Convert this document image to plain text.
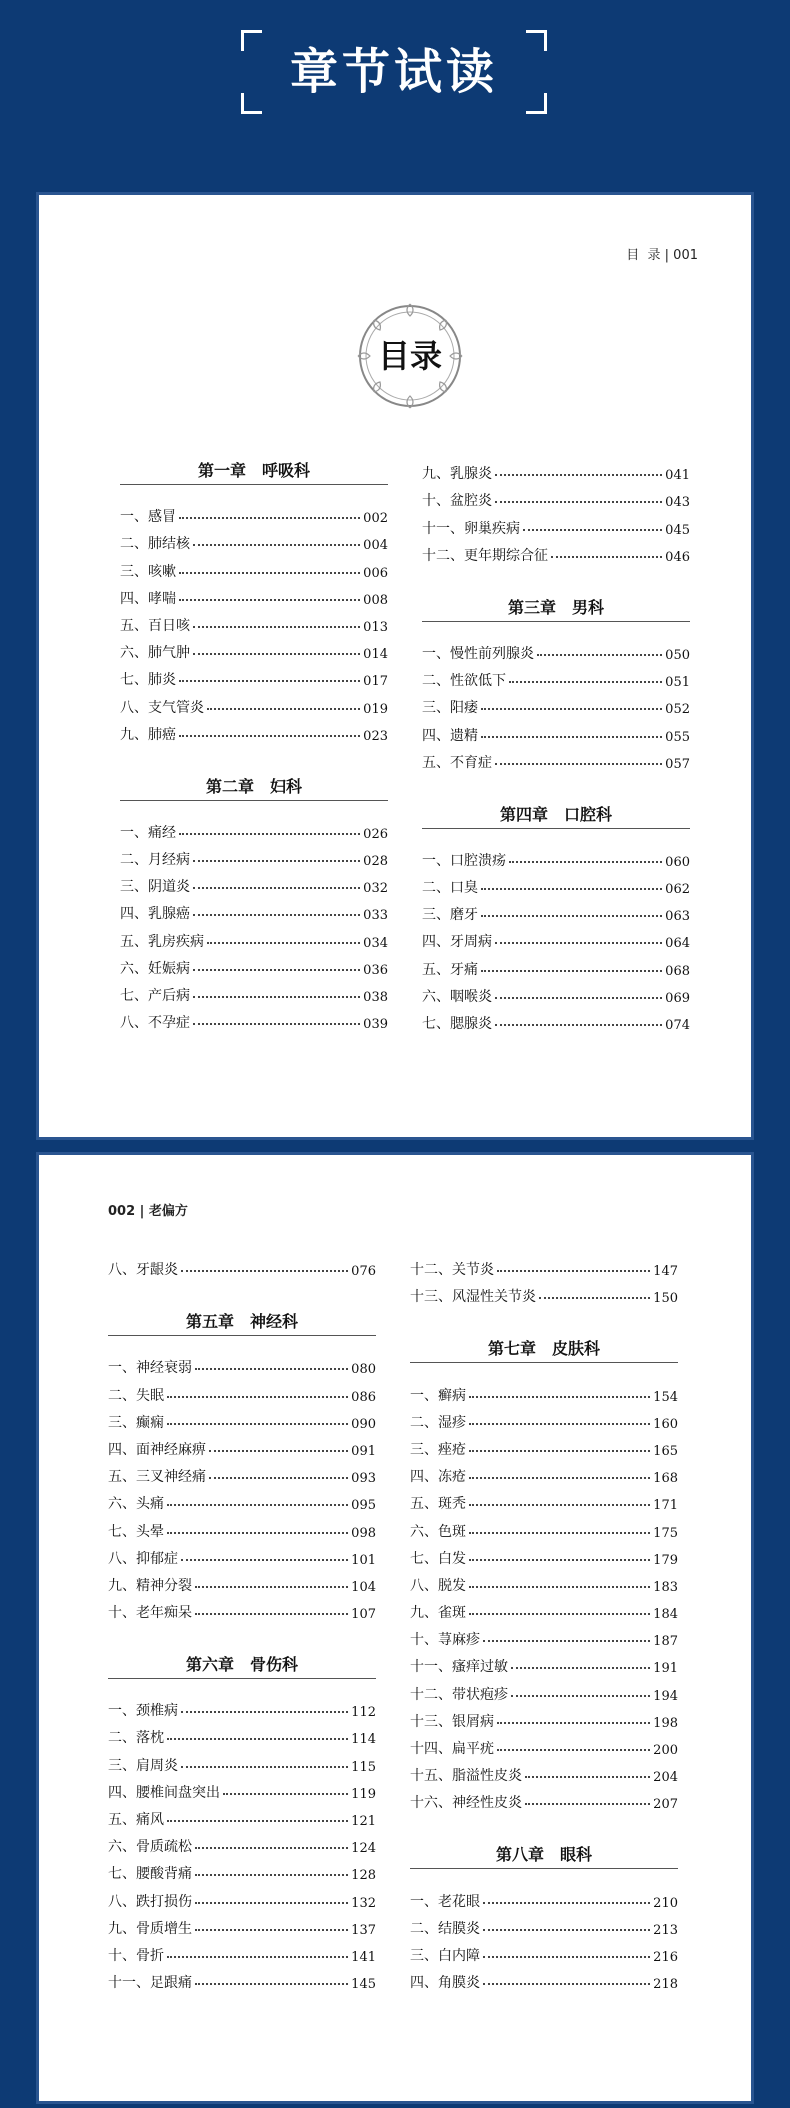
章节试读
目  录 | 001
目录
第一章　呼吸科
一、 感冒	002
二、 肺结核	004
三、 咳嗽	006
四、 哮喘	008
五、 百日咳	013
六、 肺气肿	014
七、 肺炎	017
八、 支气管炎	019
九、 肺癌	023
第二章　妇科
一、 痛经	026
二、 月经病	028
三、 阴道炎	032
四、 乳腺癌	033
五、 乳房疾病	034
六、 妊娠病	036
七、 产后病	038
八、 不孕症	039
九、 乳腺炎	041
十、 盆腔炎	043
十一、 卵巢疾病	045
十二、 更年期综合征	046
第三章　男科
一、 慢性前列腺炎	050
二、 性欲低下	051
三、 阳痿	052
四、 遗精	055
五、 不育症	057
第四章　口腔科
一、 口腔溃疡	060
二、 口臭	062
三、 磨牙	063
四、 牙周病	064
五、 牙痛	068
六、 咽喉炎	069
七、 腮腺炎	074
002 | 老偏方
八、 牙龈炎	076
第五章　神经科
一、 神经衰弱	080
二、 失眠	086
三、 癫痫	090
四、 面神经麻痹	091
五、 三叉神经痛	093
六、 头痛	095
七、 头晕	098
八、 抑郁症	101
九、 精神分裂	104
十、 老年痴呆	107
第六章　骨伤科
一、 颈椎病	112
二、 落枕	114
三、 肩周炎	115
四、 腰椎间盘突出	119
五、 痛风	121
六、 骨质疏松	124
七、 腰酸背痛	128
八、 跌打损伤	132
九、 骨质增生	137
十、 骨折	141
十一、 足跟痛	145
十二、 关节炎	147
十三、 风湿性关节炎	150
第七章　皮肤科
一、 癣病	154
二、 湿疹	160
三、 痤疮	165
四、 冻疮	168
五、 斑秃	171
六、 色斑	175
七、 白发	179
八、 脱发	183
九、 雀斑	184
十、 荨麻疹	187
十一、 瘙痒过敏	191
十二、 带状疱疹	194
十三、 银屑病	198
十四、 扁平疣	200
十五、 脂溢性皮炎	204
十六、 神经性皮炎	207
第八章　眼科
一、 老花眼	210
二、 结膜炎	213
三、 白内障	216
四、 角膜炎	218
